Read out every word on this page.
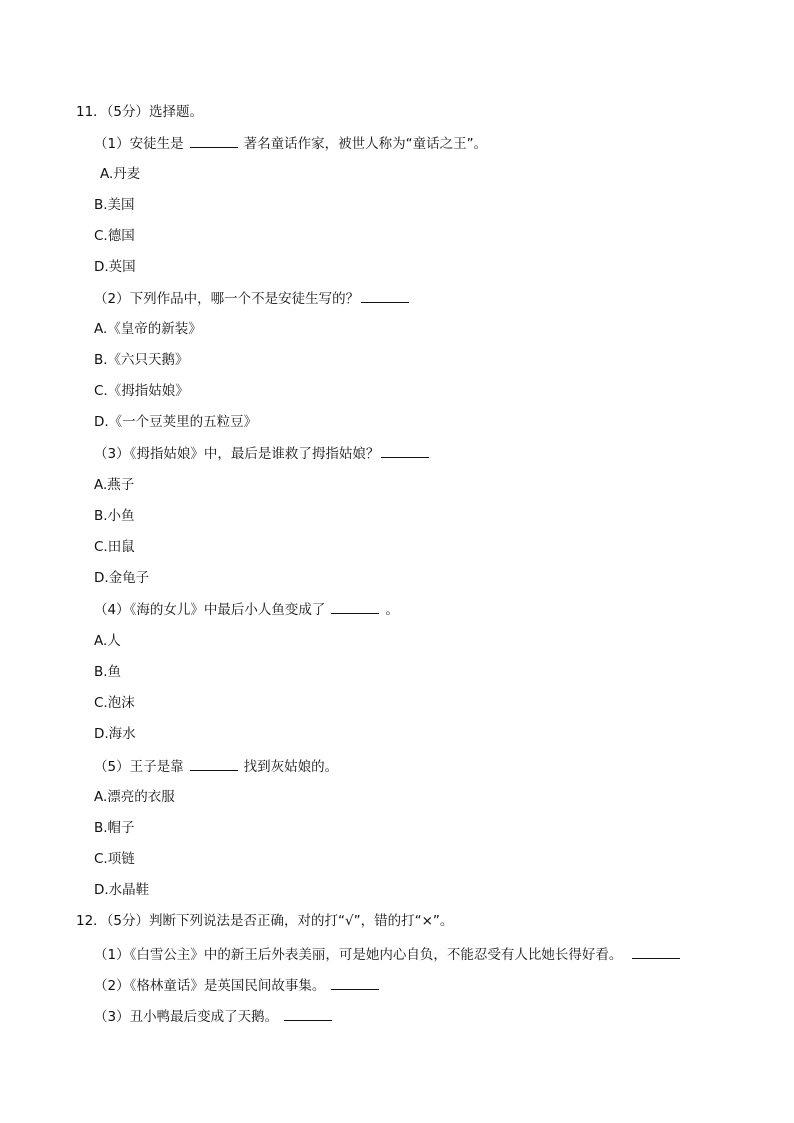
11．（5分）选择题。
（1）安徒生是	著名童话作家，被世人称为“童话之王”。
A.丹麦
B.美国
C.德国
D.英国
（2）下列作品中，哪一个不是安徒生写的？
A.《皇帝的新装》
B.《六只天鹅》
C.《拇指姑娘》
D.《一个豆荚里的五粒豆》
（3）《拇指姑娘》中，最后是谁救了拇指姑娘？
A.燕子
B.小鱼
C.田鼠
D.金龟子
（4）《海的女儿》中最后小人鱼变成了	。
A.人
B.鱼
C.泡沫
D.海水
（5）王子是靠	找到灰姑娘的。
A.漂亮的衣服
B.帽子
C.项链
D.水晶鞋
12．（5分）判断下列说法是否正确，对的打“√”，错的打“×”。
（1）《白雪公主》中的新王后外表美丽，可是她内心自负，不能忍受有人比她长得好看。
（2）《格林童话》是英国民间故事集。
（3）丑小鸭最后变成了天鹅。
